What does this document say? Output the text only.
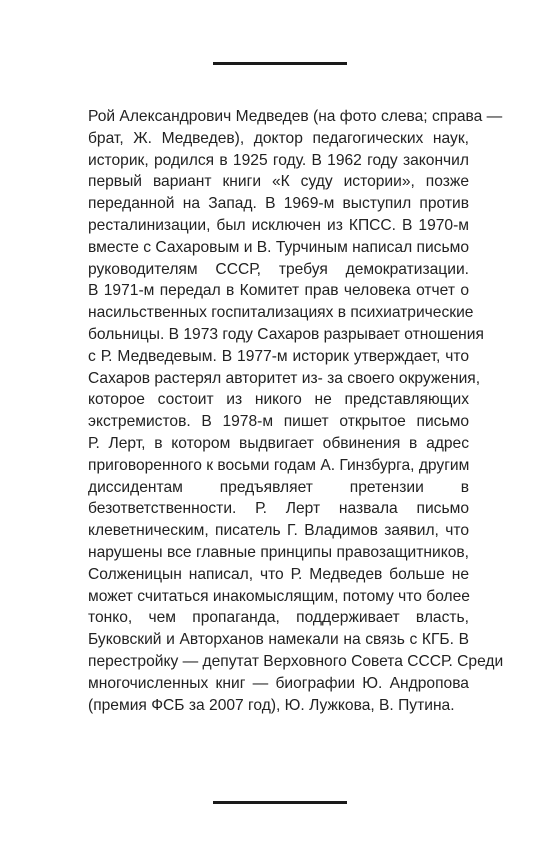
Рой Александрович Медведев (на фото слева; справа —
брат, Ж. Медведев), доктор педагогических наук,
историк, родился в 1925 году. В 1962 году закончил
первый вариант книги «К суду истории», позже
переданной на Запад. В 1969-м выступил против
ресталинизации, был исключен из КПСС. В 1970-м
вместе с Сахаровым и В. Турчиным написал письмо
руководителям СССР, требуя демократизации.
В 1971-м передал в Комитет прав человека отчет о
насильственных госпитализациях в психиатрические
больницы. В 1973 году Сахаров разрывает отношения
с Р. Медведевым. В 1977-м историк утверждает, что
Сахаров растерял авторитет из- за своего окружения,
которое состоит из никого не представляющих
экстремистов. В 1978-м пишет открытое письмо
Р. Лерт, в котором выдвигает обвинения в адрес
приговоренного к восьми годам А. Гинзбурга, другим
диссидентам предъявляет претензии в
безответственности. Р. Лерт назвала письмо
клеветническим, писатель Г. Владимов заявил, что
нарушены все главные принципы правозащитников,
Солженицын написал, что Р. Медведев больше не
может считаться инакомыслящим, потому что более
тонко, чем пропаганда, поддерживает власть,
Буковский и Авторханов намекали на связь с КГБ. В
перестройку — депутат Верховного Совета СССР. Среди
многочисленных книг — биографии Ю. Андропова
(премия ФСБ за 2007 год), Ю. Лужкова, В. Путина.
